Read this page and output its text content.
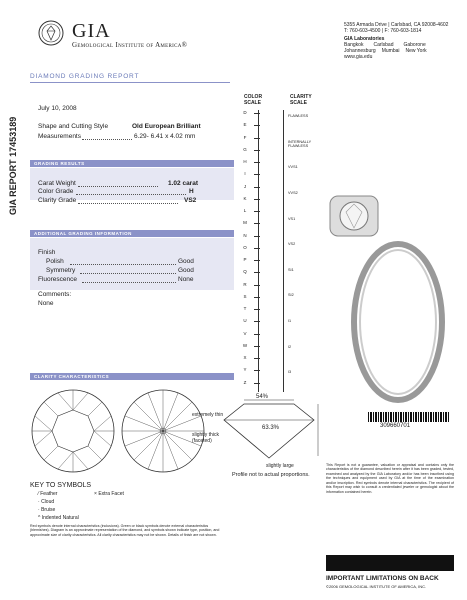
GIA
Gemological Institute of America®
5355 Armada Drive | Carlsbad, CA 92008-4602
T: 760-603-4500 | F: 760-603-1814
GIA Laboratories
Bangkok Carlsbad Gaborone
Johannesburg Mumbai New York
www.gia.edu
DIAMOND GRADING REPORT
GIA REPORT 17453189
July 10, 2008
Shape and Cutting Style	Old European Brilliant
Measurements	6.29- 6.41 x 4.02 mm
GRADING RESULTS
Carat Weight	1.02 carat
Color Grade	H
Clarity Grade	VS2
ADDITIONAL GRADING INFORMATION
Finish
Polish	Good
Symmetry	Good
Fluorescence	None
Comments:
None
CLARITY CHARACTERISTICS
54%
63.3%
extremely thin
slightly thick (faceted)
slightly large
Profile not to actual proportions.
COLOR SCALE
CLARITY SCALE
D
E
F
G
H
I
J
K
L
M
N
O
P
Q
R
S
T
U
V
W
X
Y
Z
FLAWLESS
INTERNALLY FLAWLESS
VVS1
VVS2
VS1
VS2
SI1
SI2
I1
I2
I3
KEY TO SYMBOLS
⁄ Feather
· Cloud
· Bruise
^ Indented Natural
× Extra Facet
Red symbols denote internal characteristics (inclusions). Green or black symbols denote external characteristics (blemishes). Diagram is an approximate representation of the diamond, and symbols shown indicate type, position, and approximate size of clarity characteristics. All clarity characteristics may not be shown. Details of finish are not shown.
309660701
This Report is not a guarantee, valuation or appraisal and contains only the characteristics of the diamond described herein after it has been graded, tested, examined and analyzed by the GIA Laboratory and/or has been inscribed using the techniques and equipment used by GIA at the time of the examination and/or inscription. Red symbols denote internal characteristics. The recipient of this Report may wish to consult a credentialed jeweler or gemologist about the information contained herein.
IMPORTANT LIMITATIONS ON BACK
©2006 GEMOLOGICAL INSTITUTE OF AMERICA, INC.
